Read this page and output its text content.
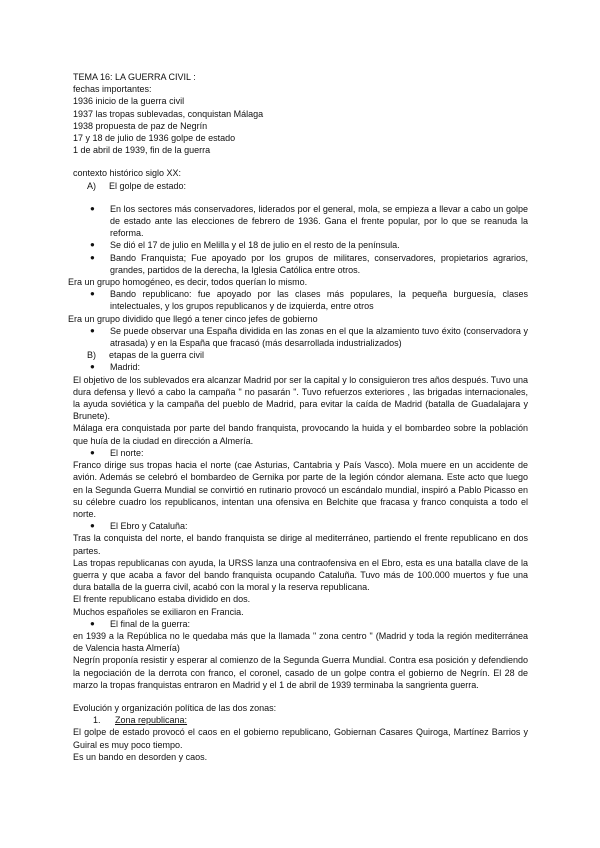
TEMA 16: LA GUERRA CIVIL :
fechas importantes:
1936 inicio de la guerra civil
1937 las tropas sublevadas, conquistan Málaga
1938 propuesta de paz de Negrín
17 y 18 de julio de 1936 golpe de estado
1 de abril de 1939, fin de la guerra
contexto histórico siglo XX:
A)	El golpe de estado:
●	En los sectores más conservadores, liderados por el general, mola, se empieza a llevar a cabo un golpe de estado ante las elecciones de febrero de 1936. Gana el frente popular, por lo que se reanuda la reforma.
●	Se dió el 17 de julio en Melilla y el 18 de julio en el resto de la península.
●	Bando Franquista; Fue apoyado por los grupos de militares, conservadores, propietarios agrarios, grandes, partidos de la derecha, la Iglesia Católica entre otros.
Era un grupo homogéneo, es decir, todos querían lo mismo.
●	Bando republicano: fue apoyado por las clases más populares, la pequeña burguesía, clases intelectuales, y los grupos republicanos y de izquierda, entre otros
Era un grupo dividido que llegó a tener cinco jefes de gobierno
●	Se puede observar una España dividida en las zonas en el que la alzamiento tuvo éxito (conservadora y atrasada) y en la España que fracasó (más desarrollada industrializados)
B)	etapas de la guerra civil
●	Madrid:
El objetivo de los sublevados era alcanzar Madrid por ser la capital y lo consiguieron tres años después. Tuvo una dura defensa y llevó a cabo la campaña " no pasarán ". Tuvo refuerzos exteriores , las brigadas internacionales, la ayuda soviética y la campaña del pueblo de Madrid, para evitar la caída de Madrid (batalla de Guadalajara y Brunete).
Málaga era conquistada por parte del bando franquista, provocando la huida y el bombardeo sobre la población que huía de la ciudad en dirección a Almería.
●	El norte:
Franco dirige sus tropas hacia el norte (cae Asturias, Cantabria y País Vasco). Mola muere en un accidente de avión. Además se celebró el bombardeo de Gernika por parte de la legión cóndor alemana. Este acto que luego en la Segunda Guerra Mundial se convirtió en rutinario provocó un escándalo mundial, inspiró a Pablo Picasso en su célebre cuadro los republicanos, intentan una ofensiva en Belchite que fracasa y franco conquista a todo el norte.
●	El Ebro y Cataluña:
Tras la conquista del norte, el bando franquista se dirige al mediterráneo, partiendo el frente republicano en dos partes.
Las tropas republicanas con ayuda, la URSS lanza una contraofensiva en el Ebro, esta es una batalla clave de la guerra y que acaba a favor del bando franquista ocupando Cataluña. Tuvo más de 100.000 muertos y fue una dura batalla de la guerra civil, acabó con la moral y la reserva republicana.
El frente republicano estaba dividido en dos.
Muchos españoles se exiliaron en Francia.
●	El final de la guerra:
en 1939 a la República no le quedaba más que la llamada " zona centro " (Madrid y toda la región mediterránea de Valencia hasta Almería)
Negrín proponía resistir y esperar al comienzo de la Segunda Guerra Mundial. Contra esa posición y defendiendo la negociación de la derrota con franco, el coronel, casado de un golpe contra el gobierno de Negrín. El 28 de marzo la tropas franquistas entraron en Madrid y el 1 de abril de 1939 terminaba la sangrienta guerra.
Evolución y organización política de las dos zonas:
1.	Zona republicana:
El golpe de estado provocó el caos en el gobierno republicano, Gobiernan Casares Quiroga, Martínez Barrios y Guiral es muy poco tiempo.
Es un bando en desorden y caos.
